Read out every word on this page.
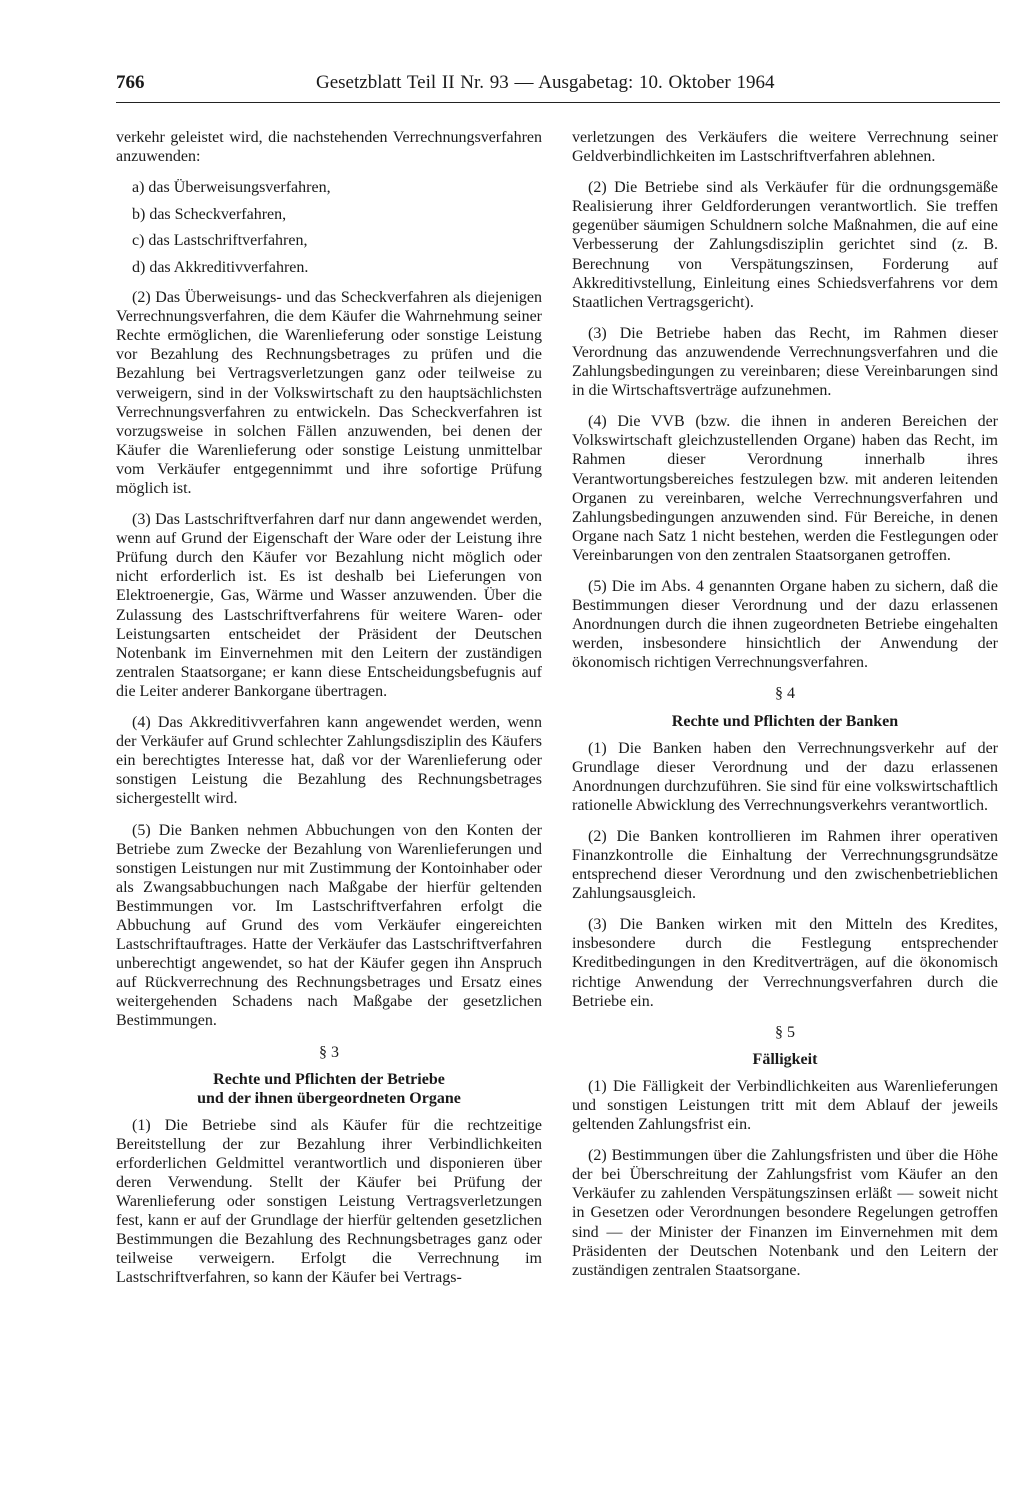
766	Gesetzblatt Teil II Nr. 93 — Ausgabetag: 10. Oktober 1964

verkehr geleistet wird, die nachstehenden Verrechnungsverfahren anzuwenden:

a) das Überweisungsverfahren,
b) das Scheckverfahren,
c) das Lastschriftverfahren,
d) das Akkreditivverfahren.

(2) Das Überweisungs- und das Scheckverfahren als diejenigen Verrechnungsverfahren, die dem Käufer die Wahrnehmung seiner Rechte ermöglichen, die Warenlieferung oder sonstige Leistung vor Bezahlung des Rechnungsbetrages zu prüfen und die Bezahlung bei Vertragsverletzungen ganz oder teilweise zu verweigern, sind in der Volkswirtschaft zu den hauptsächlichsten Verrechnungsverfahren zu entwickeln. Das Scheckverfahren ist vorzugsweise in solchen Fällen anzuwenden, bei denen der Käufer die Warenlieferung oder sonstige Leistung unmittelbar vom Verkäufer entgegennimmt und ihre sofortige Prüfung möglich ist.

(3) Das Lastschriftverfahren darf nur dann angewendet werden, wenn auf Grund der Eigenschaft der Ware oder der Leistung ihre Prüfung durch den Käufer vor Bezahlung nicht möglich oder nicht erforderlich ist. Es ist deshalb bei Lieferungen von Elektroenergie, Gas, Wärme und Wasser anzuwenden. Über die Zulassung des Lastschriftverfahrens für weitere Waren- oder Leistungsarten entscheidet der Präsident der Deutschen Notenbank im Einvernehmen mit den Leitern der zuständigen zentralen Staatsorgane; er kann diese Entscheidungsbefugnis auf die Leiter anderer Bankorgane übertragen.

(4) Das Akkreditivverfahren kann angewendet werden, wenn der Verkäufer auf Grund schlechter Zahlungsdisziplin des Käufers ein berechtigtes Interesse hat, daß vor der Warenlieferung oder sonstigen Leistung die Bezahlung des Rechnungsbetrages sichergestellt wird.

(5) Die Banken nehmen Abbuchungen von den Konten der Betriebe zum Zwecke der Bezahlung von Warenlieferungen und sonstigen Leistungen nur mit Zustimmung der Kontoinhaber oder als Zwangsabbuchungen nach Maßgabe der hierfür geltenden Bestimmungen vor. Im Lastschriftverfahren erfolgt die Abbuchung auf Grund des vom Verkäufer eingereichten Lastschriftauftrages. Hatte der Verkäufer das Lastschriftverfahren unberechtigt angewendet, so hat der Käufer gegen ihn Anspruch auf Rückverrechnung des Rechnungsbetrages und Ersatz eines weitergehenden Schadens nach Maßgabe der gesetzlichen Bestimmungen.

§ 3
Rechte und Pflichten der Betriebe
und der ihnen übergeordneten Organe

(1) Die Betriebe sind als Käufer für die rechtzeitige Bereitstellung der zur Bezahlung ihrer Verbindlichkeiten erforderlichen Geldmittel verantwortlich und disponieren über deren Verwendung. Stellt der Käufer bei Prüfung der Warenlieferung oder sonstigen Leistung Vertragsverletzungen fest, kann er auf der Grundlage der hierfür geltenden gesetzlichen Bestimmungen die Bezahlung des Rechnungsbetrages ganz oder teilweise verweigern. Erfolgt die Verrechnung im Lastschriftverfahren, so kann der Käufer bei Vertrags-

verletzungen des Verkäufers die weitere Verrechnung seiner Geldverbindlichkeiten im Lastschriftverfahren ablehnen.

(2) Die Betriebe sind als Verkäufer für die ordnungsgemäße Realisierung ihrer Geldforderungen verantwortlich. Sie treffen gegenüber säumigen Schuldnern solche Maßnahmen, die auf eine Verbesserung der Zahlungsdisziplin gerichtet sind (z. B. Berechnung von Verspätungszinsen, Forderung auf Akkreditivstellung, Einleitung eines Schiedsverfahrens vor dem Staatlichen Vertragsgericht).

(3) Die Betriebe haben das Recht, im Rahmen dieser Verordnung das anzuwendende Verrechnungsverfahren und die Zahlungsbedingungen zu vereinbaren; diese Vereinbarungen sind in die Wirtschaftsverträge aufzunehmen.

(4) Die VVB (bzw. die ihnen in anderen Bereichen der Volkswirtschaft gleichzustellenden Organe) haben das Recht, im Rahmen dieser Verordnung innerhalb ihres Verantwortungsbereiches festzulegen bzw. mit anderen leitenden Organen zu vereinbaren, welche Verrechnungsverfahren und Zahlungsbedingungen anzuwenden sind. Für Bereiche, in denen Organe nach Satz 1 nicht bestehen, werden die Festlegungen oder Vereinbarungen von den zentralen Staatsorganen getroffen.

(5) Die im Abs. 4 genannten Organe haben zu sichern, daß die Bestimmungen dieser Verordnung und der dazu erlassenen Anordnungen durch die ihnen zugeordneten Betriebe eingehalten werden, insbesondere hinsichtlich der Anwendung der ökonomisch richtigen Verrechnungsverfahren.

§ 4
Rechte und Pflichten der Banken

(1) Die Banken haben den Verrechnungsverkehr auf der Grundlage dieser Verordnung und der dazu erlassenen Anordnungen durchzuführen. Sie sind für eine volkswirtschaftlich rationelle Abwicklung des Verrechnungsverkehrs verantwortlich.

(2) Die Banken kontrollieren im Rahmen ihrer operativen Finanzkontrolle die Einhaltung der Verrechnungsgrundsätze entsprechend dieser Verordnung und den zwischenbetrieblichen Zahlungsausgleich.

(3) Die Banken wirken mit den Mitteln des Kredites, insbesondere durch die Festlegung entsprechender Kreditbedingungen in den Kreditverträgen, auf die ökonomisch richtige Anwendung der Verrechnungsverfahren durch die Betriebe ein.

§ 5
Fälligkeit

(1) Die Fälligkeit der Verbindlichkeiten aus Warenlieferungen und sonstigen Leistungen tritt mit dem Ablauf der jeweils geltenden Zahlungsfrist ein.

(2) Bestimmungen über die Zahlungsfristen und über die Höhe der bei Überschreitung der Zahlungsfrist vom Käufer an den Verkäufer zu zahlenden Verspätungszinsen erläßt — soweit nicht in Gesetzen oder Verordnungen besondere Regelungen getroffen sind — der Minister der Finanzen im Einvernehmen mit dem Präsidenten der Deutschen Notenbank und den Leitern der zuständigen zentralen Staatsorgane.
